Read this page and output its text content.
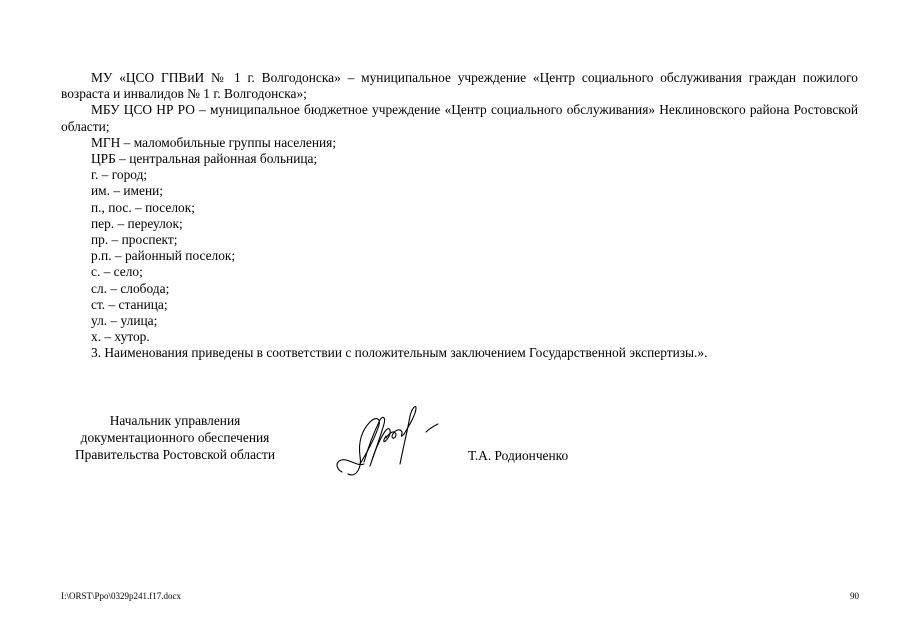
МУ «ЦСО ГПВиИ № 1 г. Волгодонска» – муниципальное учреждение «Центр социального обслуживания граждан пожилого возраста и инвалидов № 1 г. Волгодонска»;

МБУ ЦСО НР РО – муниципальное бюджетное учреждение «Центр социального обслуживания» Неклиновского района Ростовской области;

МГН – маломобильные группы населения;

ЦРБ – центральная районная больница;

г. – город;

им. – имени;

п., пос. – поселок;

пер. – переулок;

пр. – проспект;

р.п. – районный поселок;

с. – село;

сл. – слобода;

ст. – станица;

ул. – улица;

х. – хутор.

3. Наименования приведены в соответствии с положительным заключением Государственной экспертизы.».

Начальник управления
документационного обеспечения
Правительства Ростовской области	Т.А. Родионченко
I:\ORST\Ppo\0329p241.f17.docx	90
